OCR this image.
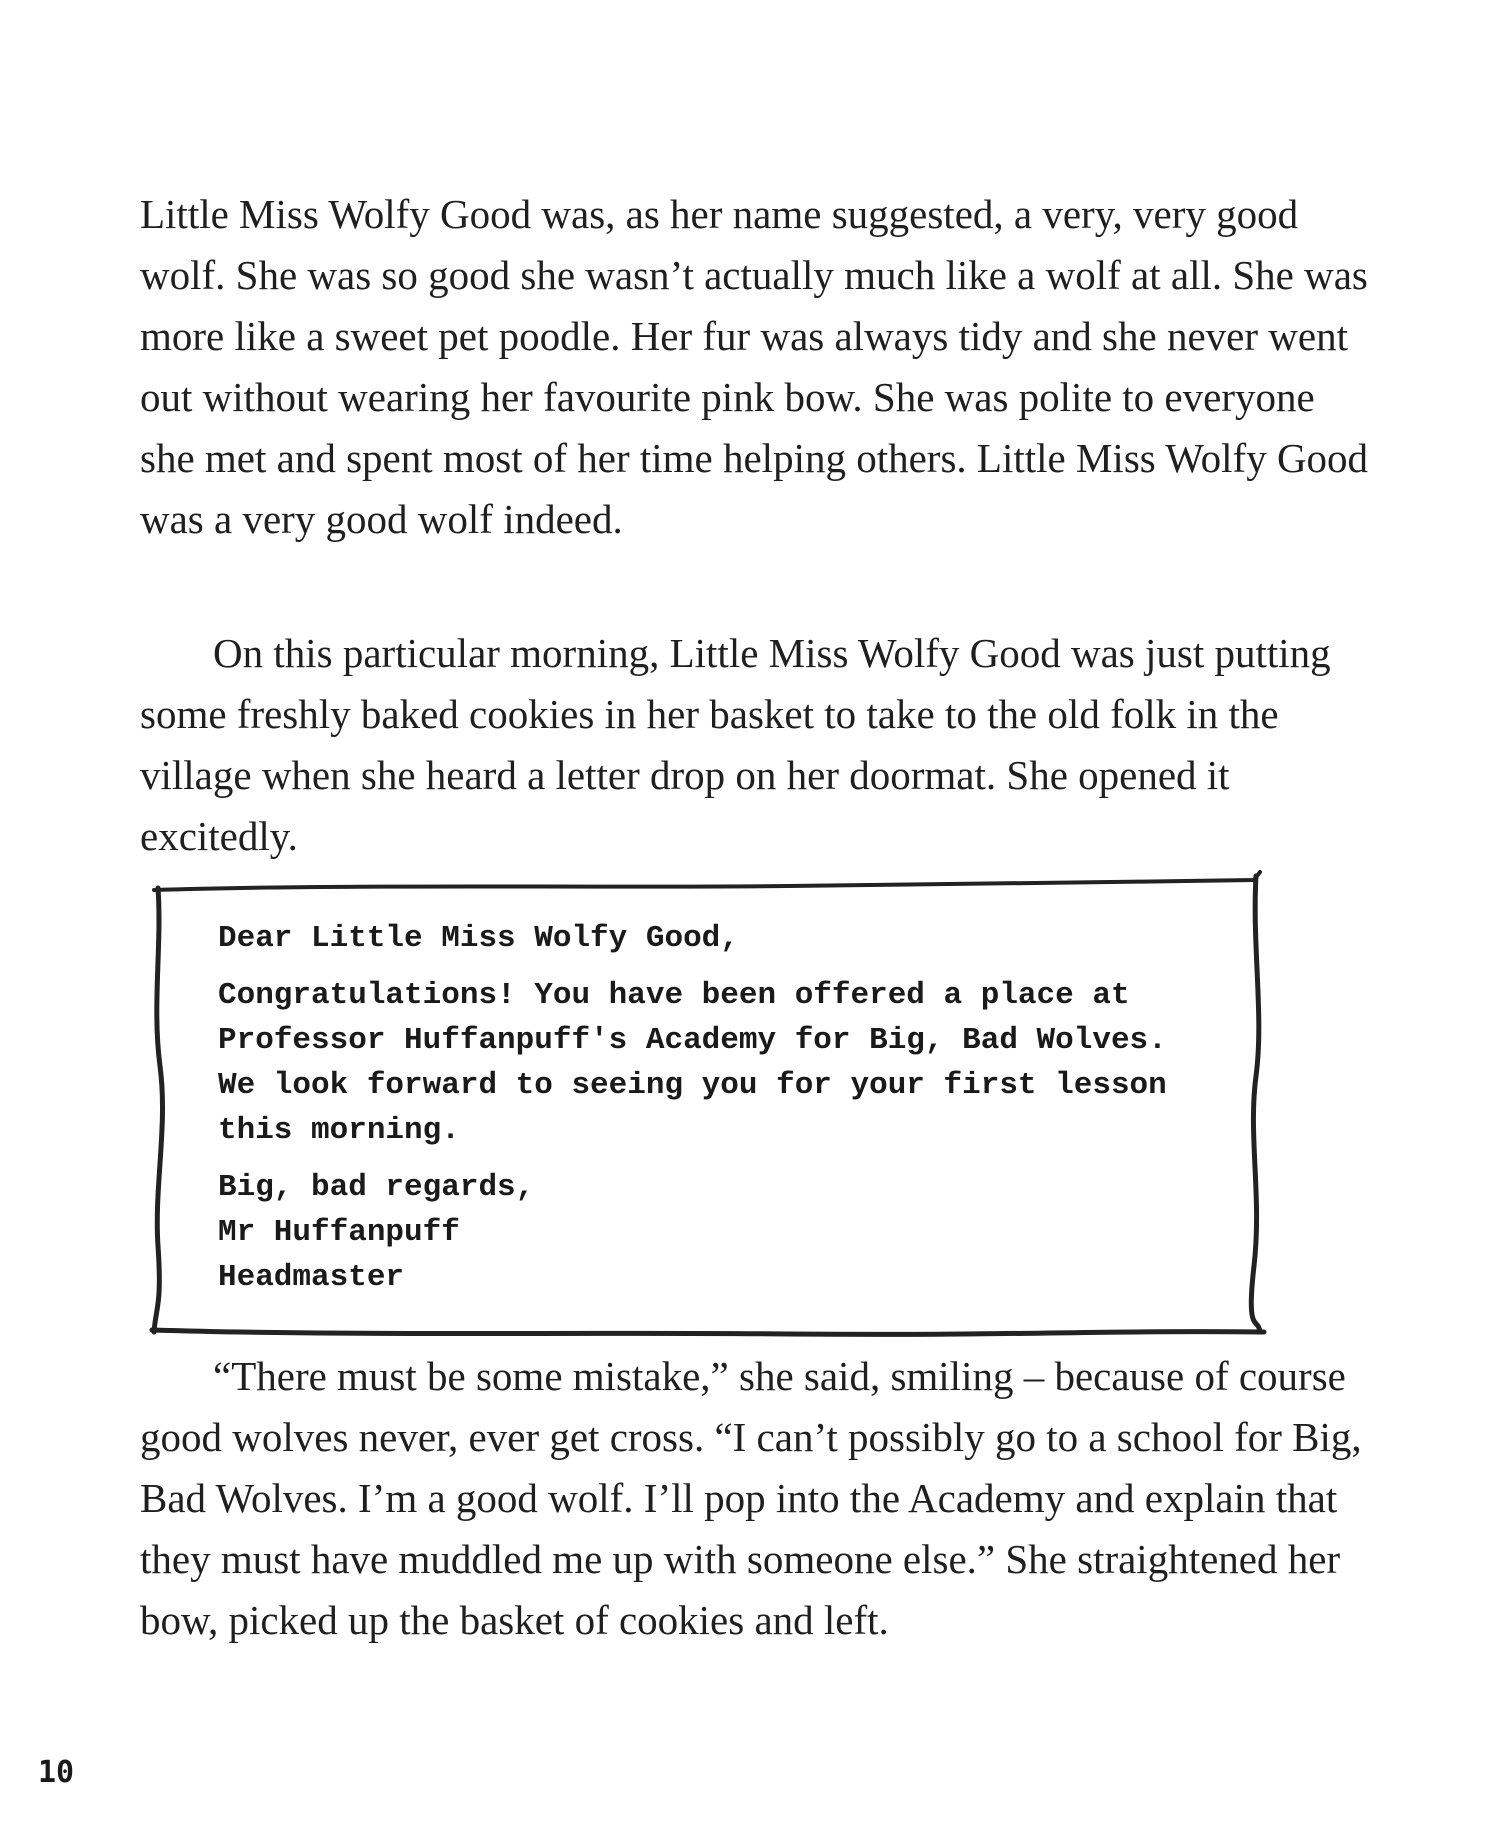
Little Miss Wolfy Good was, as her name suggested, a very, very good wolf. She was so good she wasn’t actually much like a wolf at all. She was more like a sweet pet poodle. Her fur was always tidy and she never went out without wearing her favourite pink bow. She was polite to everyone she met and spent most of her time helping others. Little Miss Wolfy Good was a very good wolf indeed.

On this particular morning, Little Miss Wolfy Good was just putting some freshly baked cookies in her basket to take to the old folk in the village when she heard a letter drop on her doormat. She opened it excitedly.

Dear Little Miss Wolfy Good,
Congratulations! You have been offered a place at
Professor Huffanpuff's Academy for Big, Bad Wolves.
We look forward to seeing you for your first lesson
this morning.
Big, bad regards,
Mr Huffanpuff
Headmaster

“There must be some mistake,” she said, smiling – because of course good wolves never, ever get cross. “I can’t possibly go to a school for Big, Bad Wolves. I’m a good wolf. I’ll pop into the Academy and explain that they must have muddled me up with someone else.” She straightened her bow, picked up the basket of cookies and left.

10
